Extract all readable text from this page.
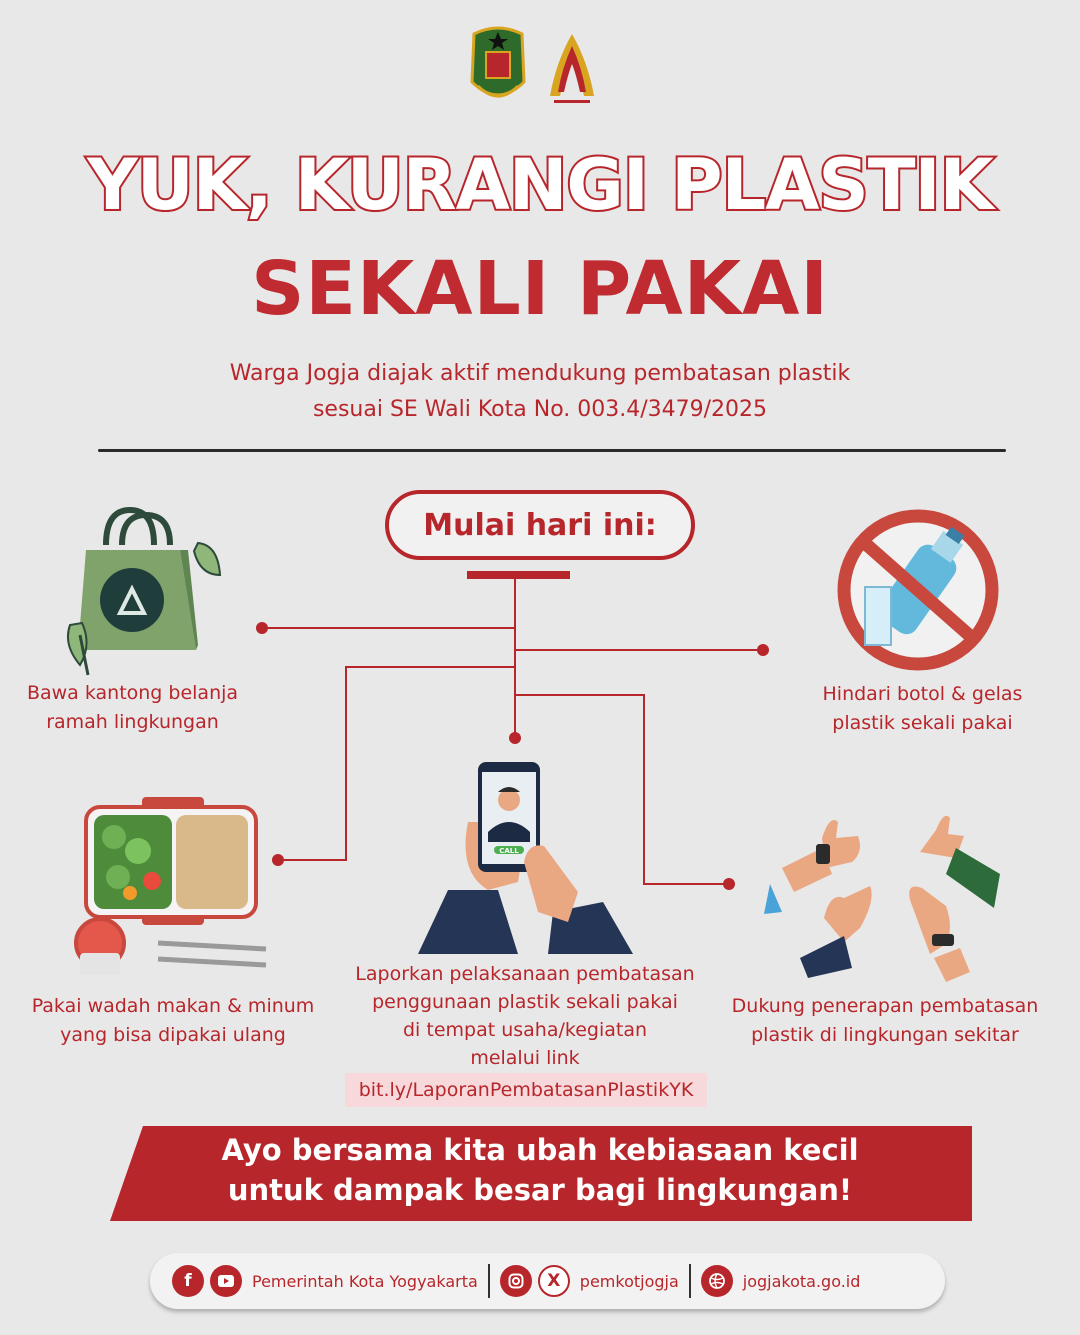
YUK, KURANGI PLASTIK
SEKALI PAKAI
Warga Jogja diajak aktif mendukung pembatasan plastik
sesuai SE Wali Kota No. 003.4/3479/2025
Mulai hari ini:
Bawa kantong belanja
ramah lingkungan
Hindari botol & gelas
plastik sekali pakai
Pakai wadah makan & minum
yang bisa dipakai ulang
CALL
Laporkan pelaksanaan pembatasan
penggunaan plastik sekali pakai
di tempat usaha/kegiatan
melalui link
bit.ly/LaporanPembatasanPlastikYK
Dukung penerapan pembatasan
plastik di lingkungan sekitar
Ayo bersama kita ubah kebiasaan kecil
untuk dampak besar bagi lingkungan!
f	Pemerintah Kota Yogyakarta	X	pemkotjogja	jogjakota.go.id
